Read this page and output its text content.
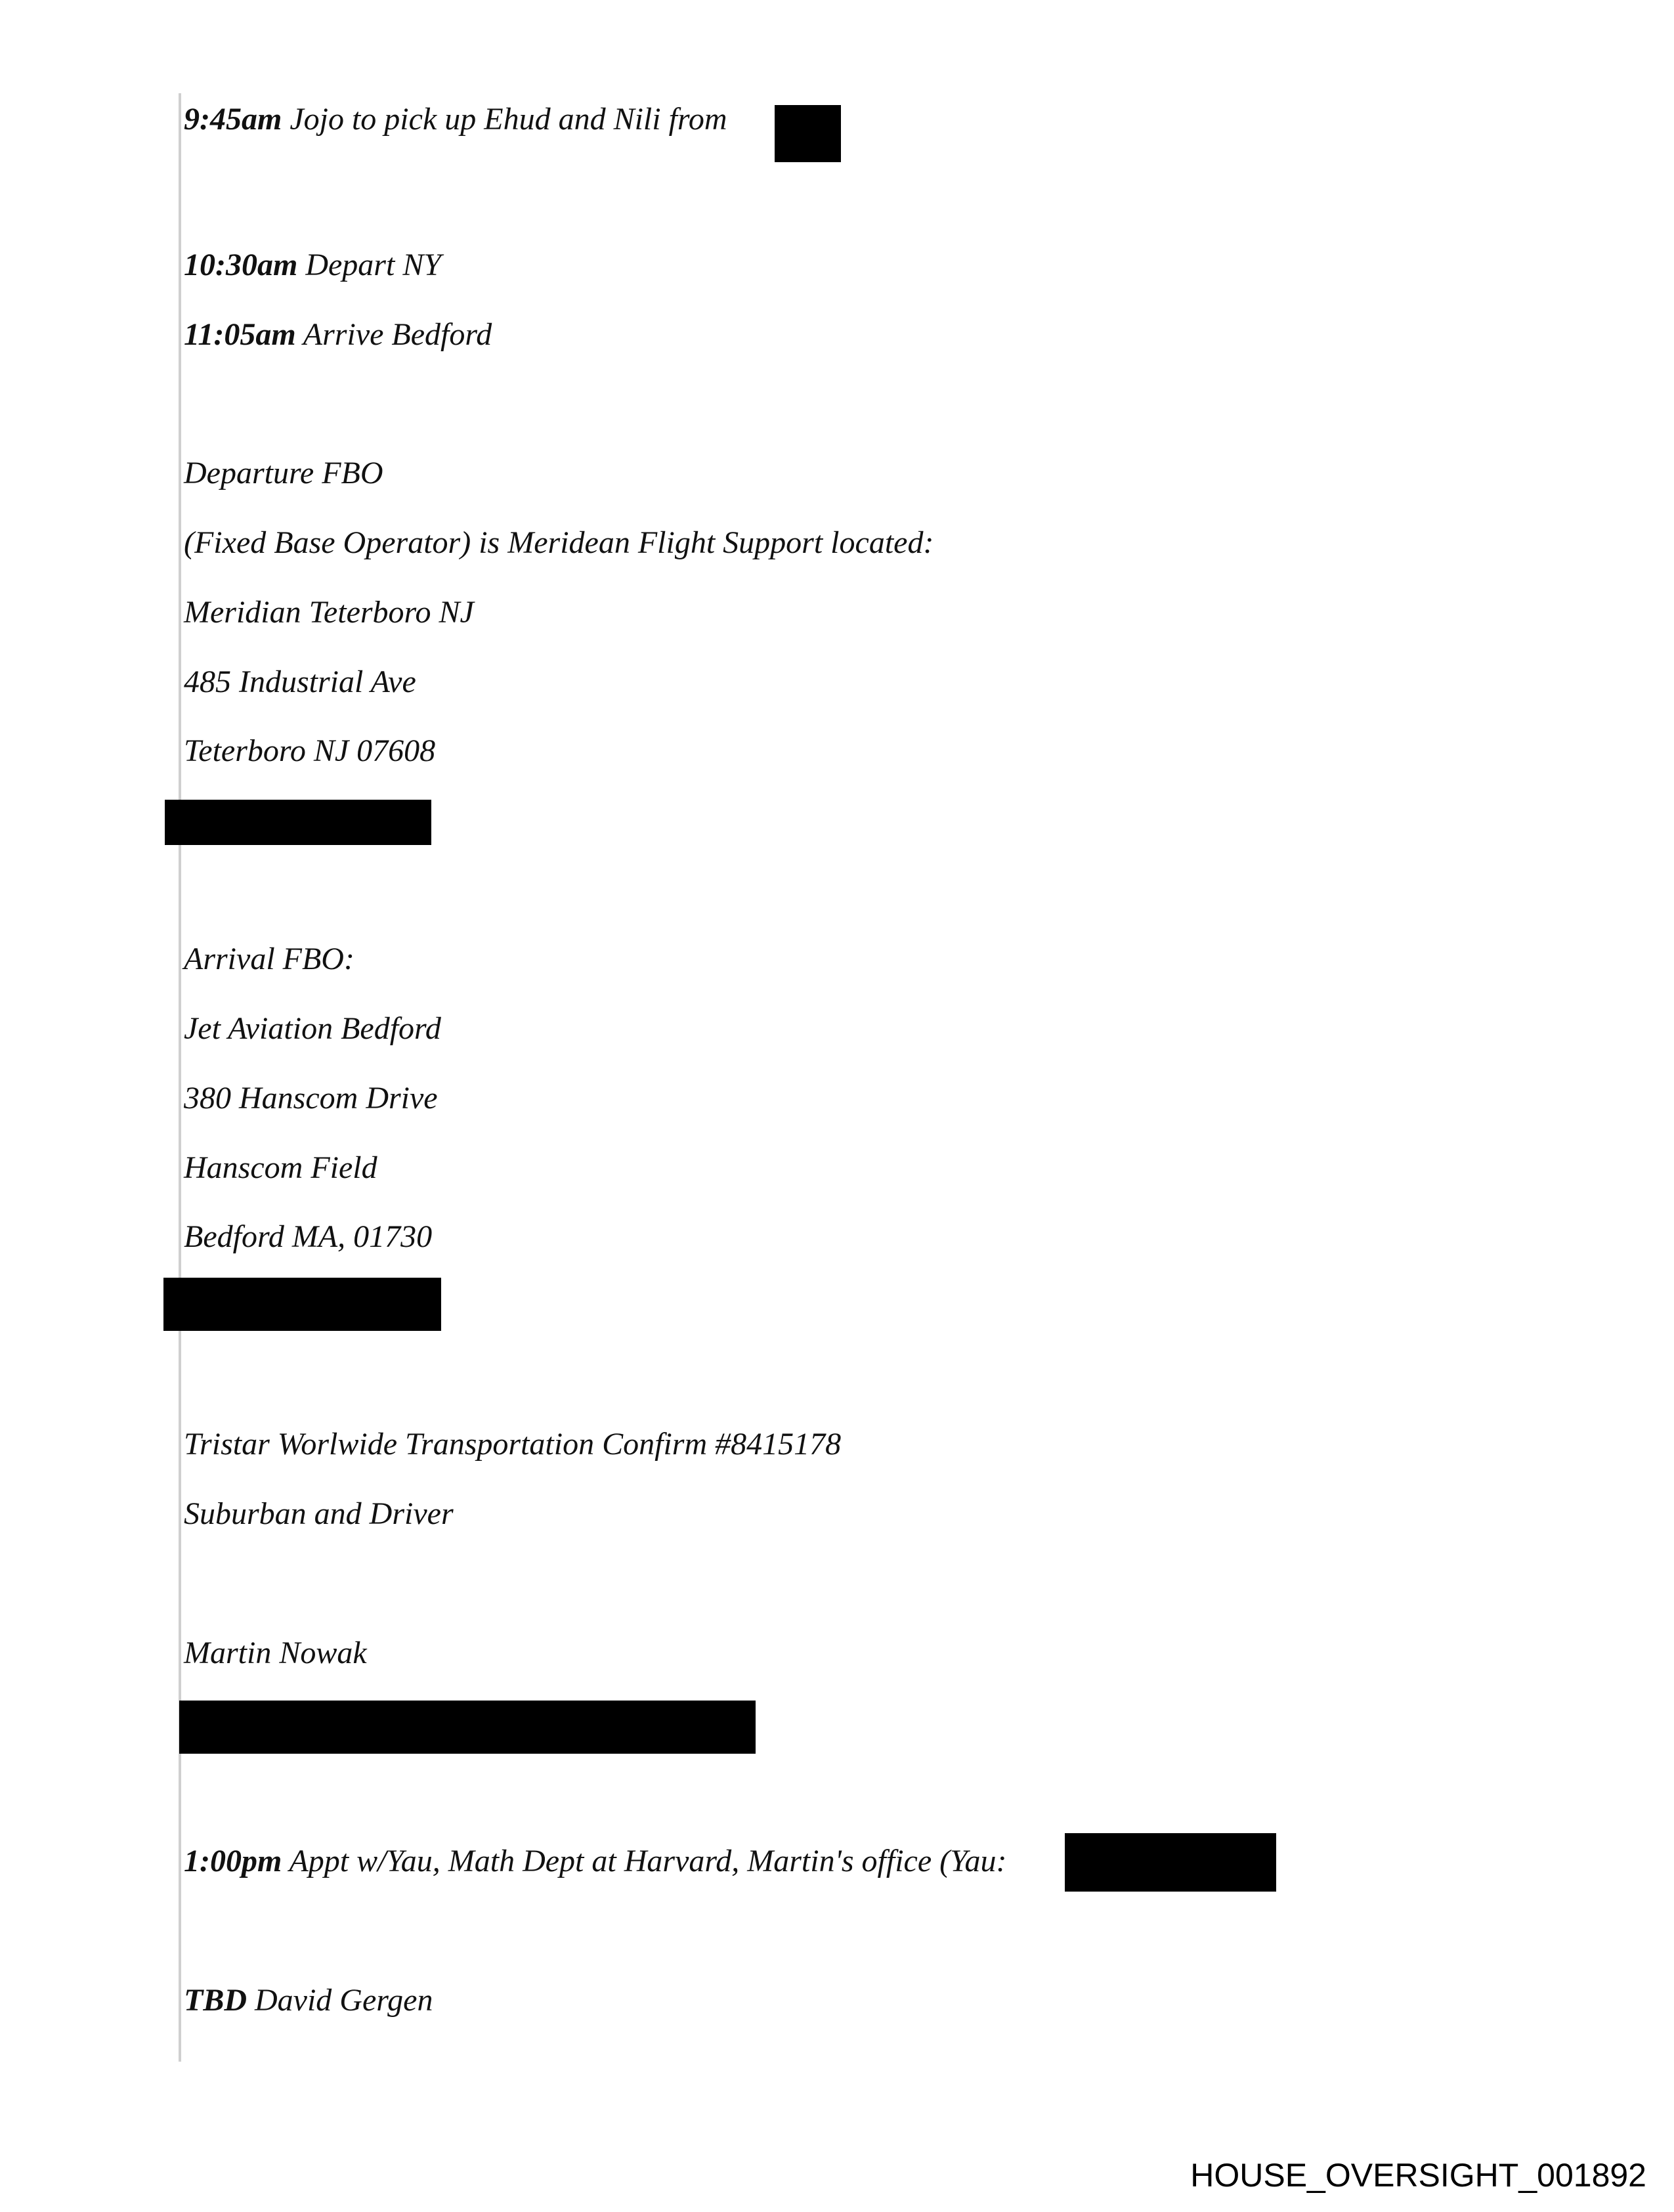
9:45am Jojo to pick up Ehud and Nili from
10:30am Depart NY
11:05am Arrive Bedford
Departure FBO
(Fixed Base Operator) is Meridean Flight Support located:
Meridian Teterboro NJ
485 Industrial Ave
Teterboro NJ 07608
Arrival FBO:
Jet Aviation Bedford
380 Hanscom Drive
Hanscom Field
Bedford MA, 01730
Tristar Worlwide Transportation Confirm #8415178
Suburban and Driver
Martin Nowak
1:00pm Appt w/Yau, Math Dept at Harvard, Martin's office (Yau:
TBD David Gergen
HOUSE_OVERSIGHT_001892
